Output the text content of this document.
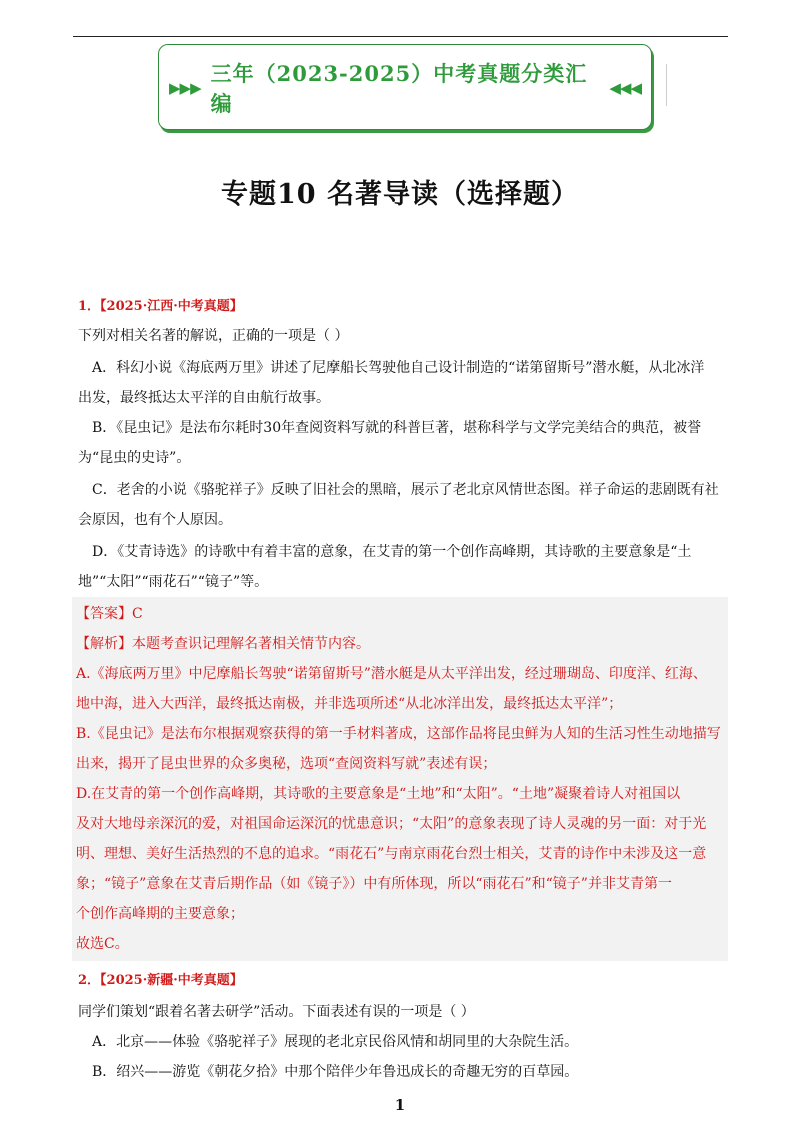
▶▶▶
三年（2023-2025）中考真题分类汇编
◀◀◀
专题10 名著导读（选择题）
1．【2025·江西·中考真题】
下列对相关名著的解说，正确的一项是（ ）
A．科幻小说《海底两万里》讲述了尼摩船长驾驶他自己设计制造的“诺第留斯号”潜水艇，从北冰洋
出发，最终抵达太平洋的自由航行故事。
B．《昆虫记》是法布尔耗时30年查阅资料写就的科普巨著，堪称科学与文学完美结合的典范，被誉
为“昆虫的史诗”。
C．老舍的小说《骆驼祥子》反映了旧社会的黑暗，展示了老北京风情世态图。祥子命运的悲剧既有社
会原因，也有个人原因。
D．《艾青诗选》的诗歌中有着丰富的意象，在艾青的第一个创作高峰期，其诗歌的主要意象是“土
地”“太阳”“雨花石”“镜子”等。
【答案】C
【解析】本题考查识记理解名著相关情节内容。
A.《海底两万里》中尼摩船长驾驶“诺第留斯号”潜水艇是从太平洋出发，经过珊瑚岛、印度洋、红海、
地中海，进入大西洋，最终抵达南极，并非选项所述“从北冰洋出发，最终抵达太平洋”；
B.《昆虫记》是法布尔根据观察获得的第一手材料著成，这部作品将昆虫鲜为人知的生活习性生动地描写
出来，揭开了昆虫世界的众多奥秘，选项“查阅资料写就”表述有误；
D.在艾青的第一个创作高峰期，其诗歌的主要意象是“土地”和“太阳”。“土地”凝聚着诗人对祖国以
及对大地母亲深沉的爱，对祖国命运深沉的忧患意识；“太阳”的意象表现了诗人灵魂的另一面：对于光
明、理想、美好生活热烈的不息的追求。“雨花石”与南京雨花台烈士相关，艾青的诗作中未涉及这一意
象；“镜子”意象在艾青后期作品（如《镜子》）中有所体现，所以“雨花石”和“镜子”并非艾青第一
个创作高峰期的主要意象；
故选C。
2．【2025·新疆·中考真题】
同学们策划“跟着名著去研学”活动。下面表述有误的一项是（ ）
A．北京——体验《骆驼祥子》展现的老北京民俗风情和胡同里的大杂院生活。
B．绍兴——游览《朝花夕拾》中那个陪伴少年鲁迅成长的奇趣无穷的百草园。
1
